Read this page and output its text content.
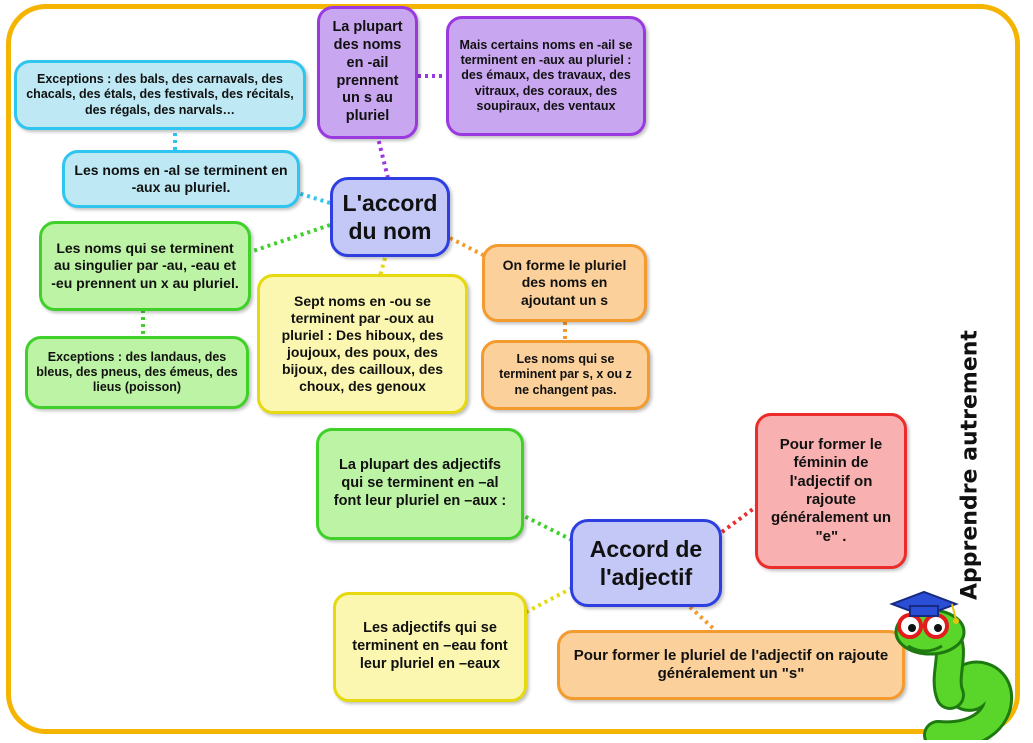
L'accord du nom
Exceptions : des bals, des carnavals, des chacals, des étals, des festivals, des récitals, des régals, des narvals…
Les noms en -al se terminent en -aux au pluriel.
La plupart des noms en -ail prennent un s au pluriel
Mais certains noms en -ail se terminent en -aux au pluriel : des émaux, des travaux, des vitraux, des coraux, des soupiraux, des ventaux
Les noms qui se terminent au singulier par -au, -eau et -eu prennent un x au pluriel.
Exceptions : des landaus, des bleus, des pneus, des émeus, des lieus (poisson)
Sept noms en -ou se terminent par -oux au pluriel : Des hiboux, des joujoux, des poux, des bijoux, des cailloux, des choux, des genoux
On forme le pluriel des noms en ajoutant un s
Les noms qui se terminent par s, x ou z ne changent pas.
Accord de l'adjectif
La plupart des adjectifs qui se terminent en –al font leur pluriel en –aux :
Les adjectifs qui se terminent en –eau font leur pluriel en –eaux
Pour former le féminin de l'adjectif on rajoute généralement un "e" .
Pour former le pluriel de l'adjectif on rajoute généralement un "s"
Apprendre autrement
